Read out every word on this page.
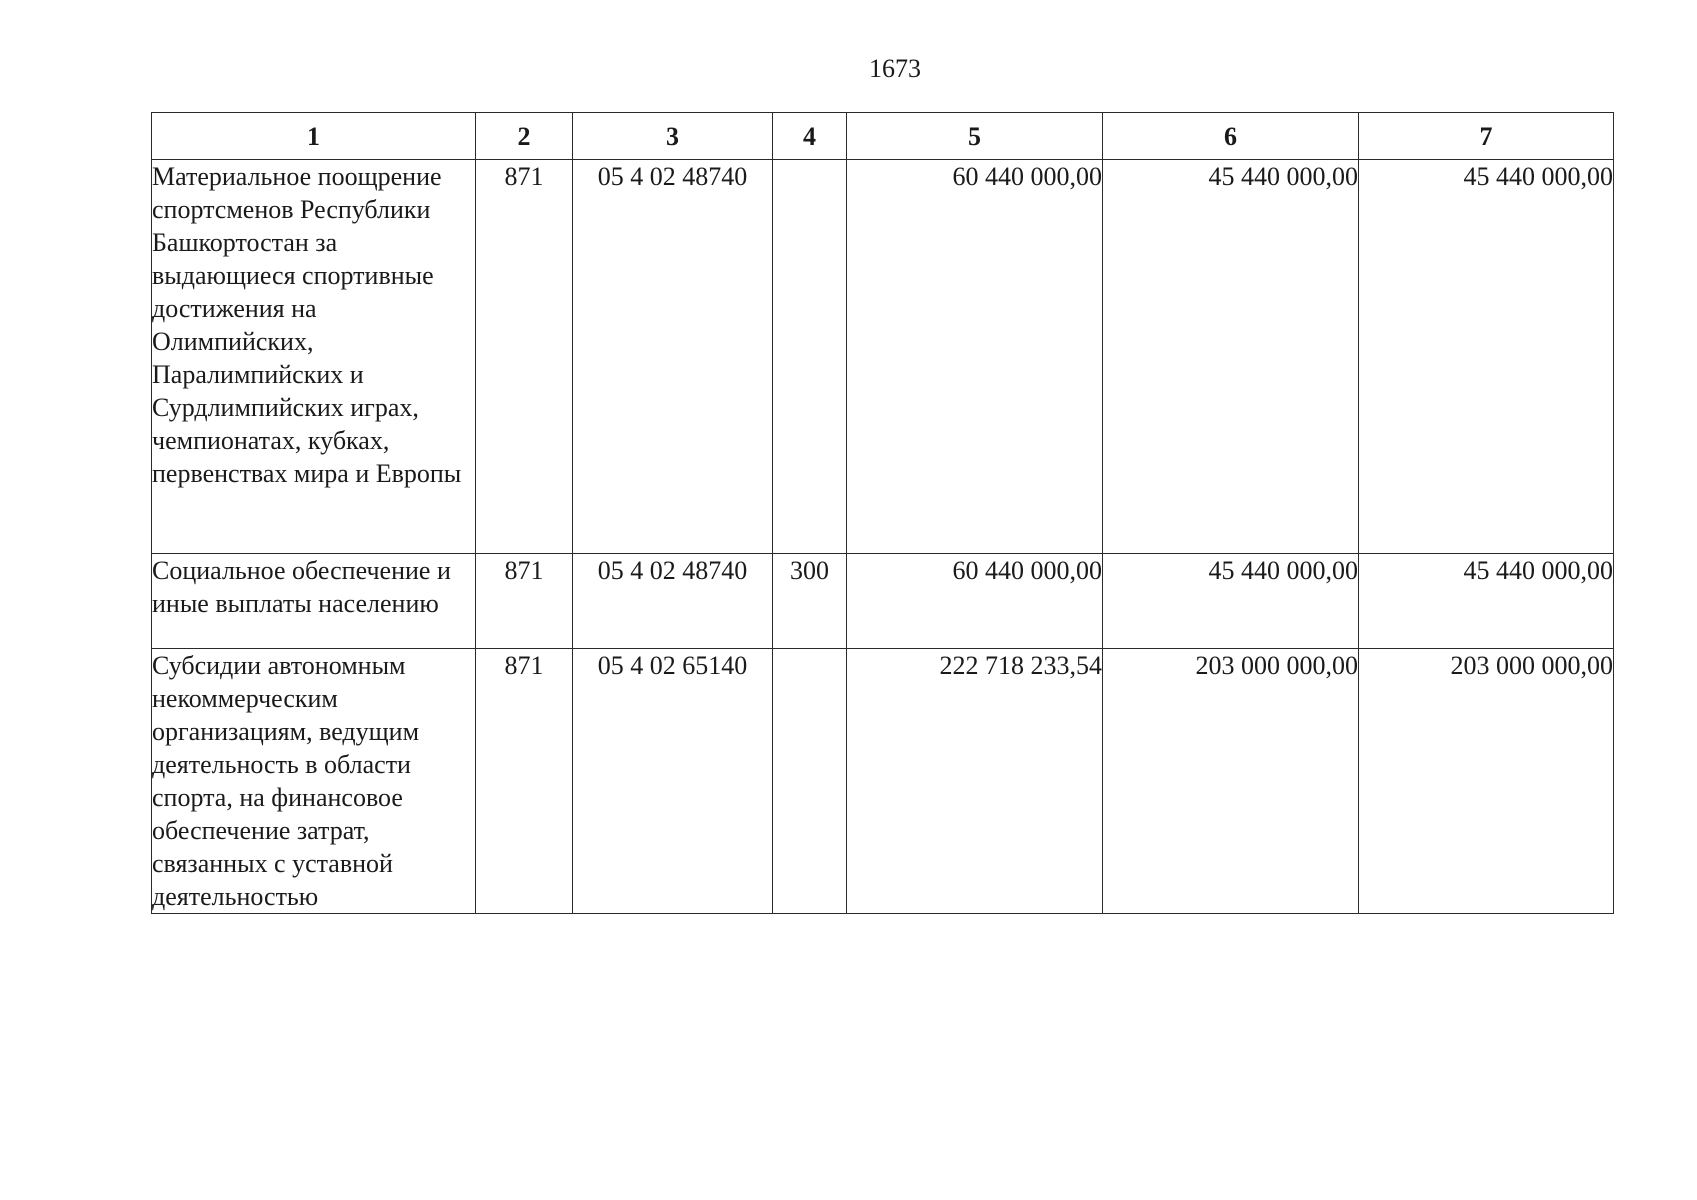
1673
1	2	3	4	5	6	7
Материальное поощрение спортсменов Республики Башкортостан за выдающиеся спортивные достижения на Олимпийских, Паралимпийских и Сурдлимпийских играх, чемпионатах, кубках, первенствах мира и Европы	871	05 4 02 48740		60 440 000,00	45 440 000,00	45 440 000,00
Социальное обеспечение и иные выплаты населению	871	05 4 02 48740	300	60 440 000,00	45 440 000,00	45 440 000,00
Субсидии автономным некоммерческим организациям, ведущим деятельность в области спорта, на финансовое обеспечение затрат, связанных с уставной деятельностью	871	05 4 02 65140		222 718 233,54	203 000 000,00	203 000 000,00
